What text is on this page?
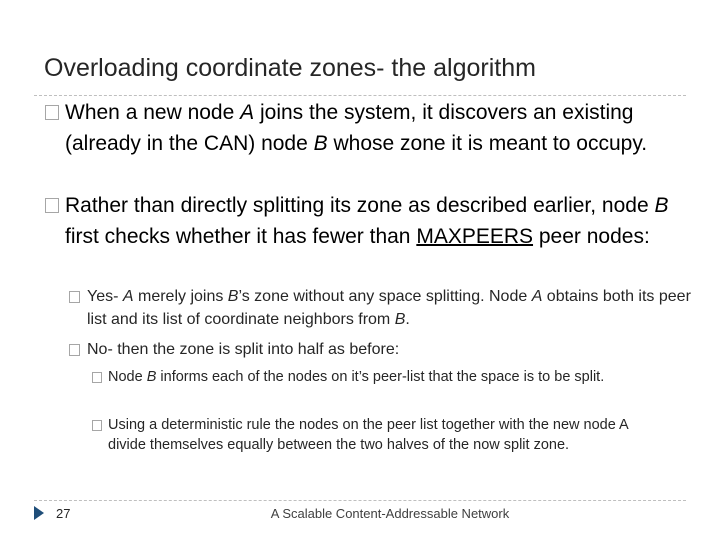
Overloading coordinate zones- the algorithm
When a new node A joins the system, it discovers an existing (already in the CAN) node B whose zone it is meant to occupy.
Rather than directly splitting its zone as described earlier, node B first checks whether it has fewer than MAXPEERS peer nodes:
Yes- A merely joins B’s zone without any space splitting. Node A obtains both its peer list and its list of coordinate neighbors from B.
No- then the zone is split into half as before:
Node B informs each of the nodes on it’s peer-list that the space is to be split.
Using a deterministic rule the nodes on the peer list together with the new node A divide themselves equally between the two halves of the now split zone.
27	A Scalable Content-Addressable Network
